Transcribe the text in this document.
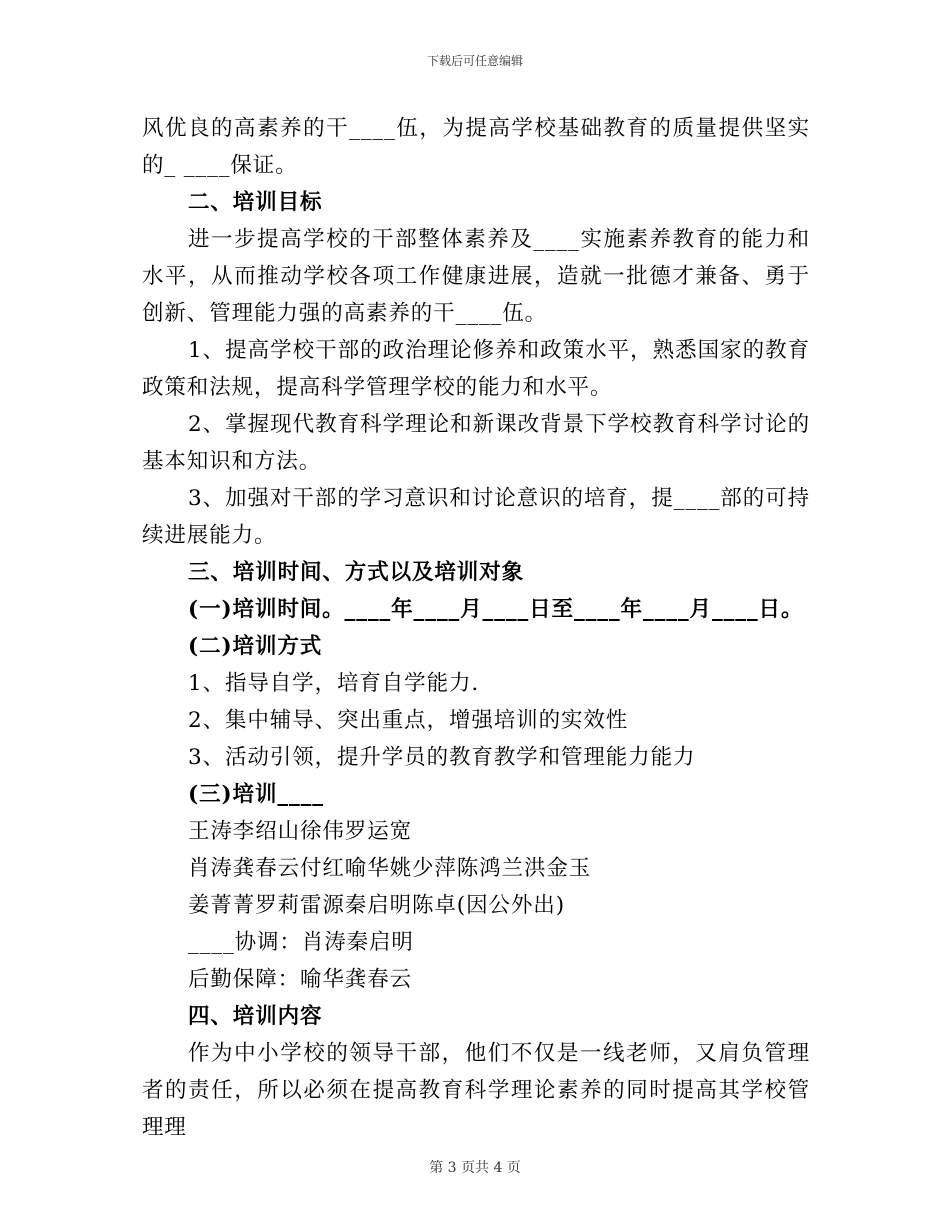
下载后可任意编辑

风优良的高素养的干____伍，为提高学校基础教育的质量提供坚实的_ ____保证。

二、培训目标

进一步提高学校的干部整体素养及____实施素养教育的能力和水平，从而推动学校各项工作健康进展，造就一批德才兼备、勇于创新、管理能力强的高素养的干____伍。

1、提高学校干部的政治理论修养和政策水平，熟悉国家的教育政策和法规，提高科学管理学校的能力和水平。

2、掌握现代教育科学理论和新课改背景下学校教育科学讨论的基本知识和方法。

3、加强对干部的学习意识和讨论意识的培育，提____部的可持续进展能力。

三、培训时间、方式以及培训对象

(一)培训时间。____年____月____日至____年____月____日。

(二)培训方式

1、指导自学，培育自学能力.

2、集中辅导、突出重点，增强培训的实效性

3、活动引领，提升学员的教育教学和管理能力能力

(三)培训____

王涛李绍山徐伟罗运宽

肖涛龚春云付红喻华姚少萍陈鸿兰洪金玉

姜菁菁罗莉雷源秦启明陈卓(因公外出)

____协调：肖涛秦启明

后勤保障：喻华龚春云

四、培训内容

作为中小学校的领导干部，他们不仅是一线老师，又肩负管理者的责任，所以必须在提高教育科学理论素养的同时提高其学校管理理

第 3 页共 4 页
